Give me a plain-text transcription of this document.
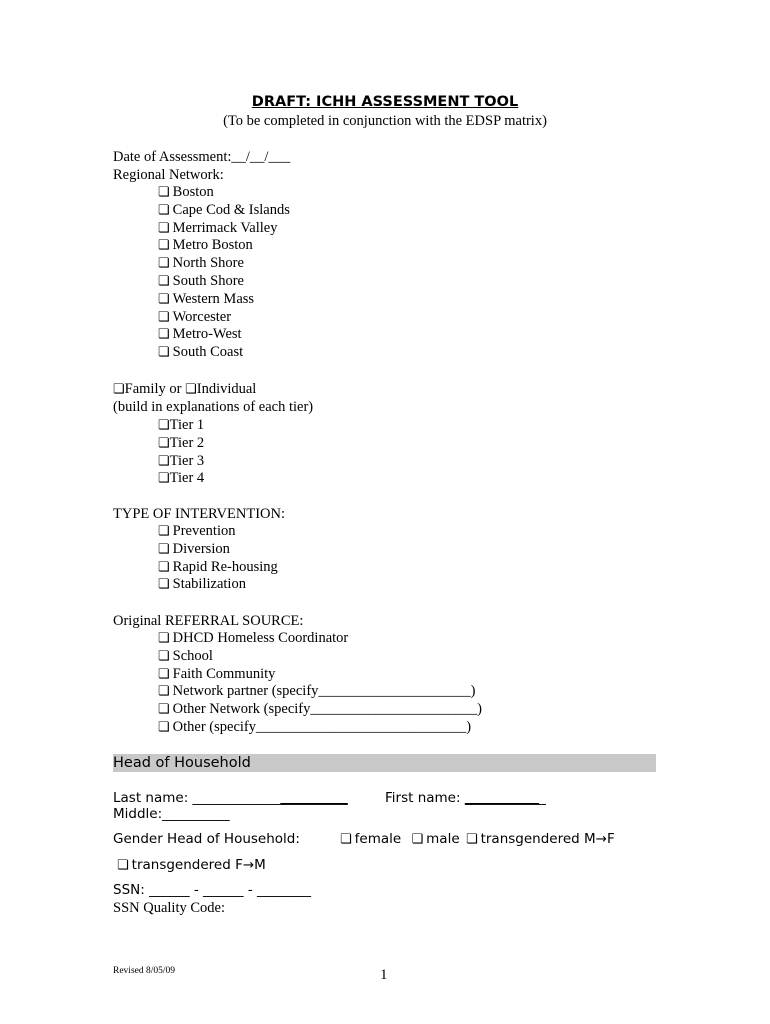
DRAFT: ICHH ASSESSMENT TOOL
(To be completed in conjunction with the EDSP matrix)
Date of Assessment:__/__/___
Regional Network:
❏ Boston
❏ Cape Cod & Islands
❏ Merrimack Valley
❏ Metro Boston
❏ North Shore
❏ South Shore
❏ Western Mass
❏ Worcester
❏ Metro-West
❏ South Coast
❏Family or ❏Individual
(build in explanations of each tier)
❏Tier 1
❏Tier 2
❏Tier 3
❏Tier 4
TYPE OF INTERVENTION:
❏ Prevention
❏ Diversion
❏ Rapid Re-housing
❏ Stabilization
Original REFERRAL SOURCE:
❏ DHCD Homeless Coordinator
❏ School
❏ Faith Community
❏ Network partner (specify_____________________)
❏ Other Network (specify_______________________)
❏ Other (specify_____________________________)
Head of Household
Last name: _______________________	First name: ____________
Middle:__________
Gender Head of Household:	❏ female ❏ male ❏ transgendered M→F
❏ transgendered F→M
SSN: ______ - ______ - ________
SSN Quality Code:
Revised 8/05/09	1
